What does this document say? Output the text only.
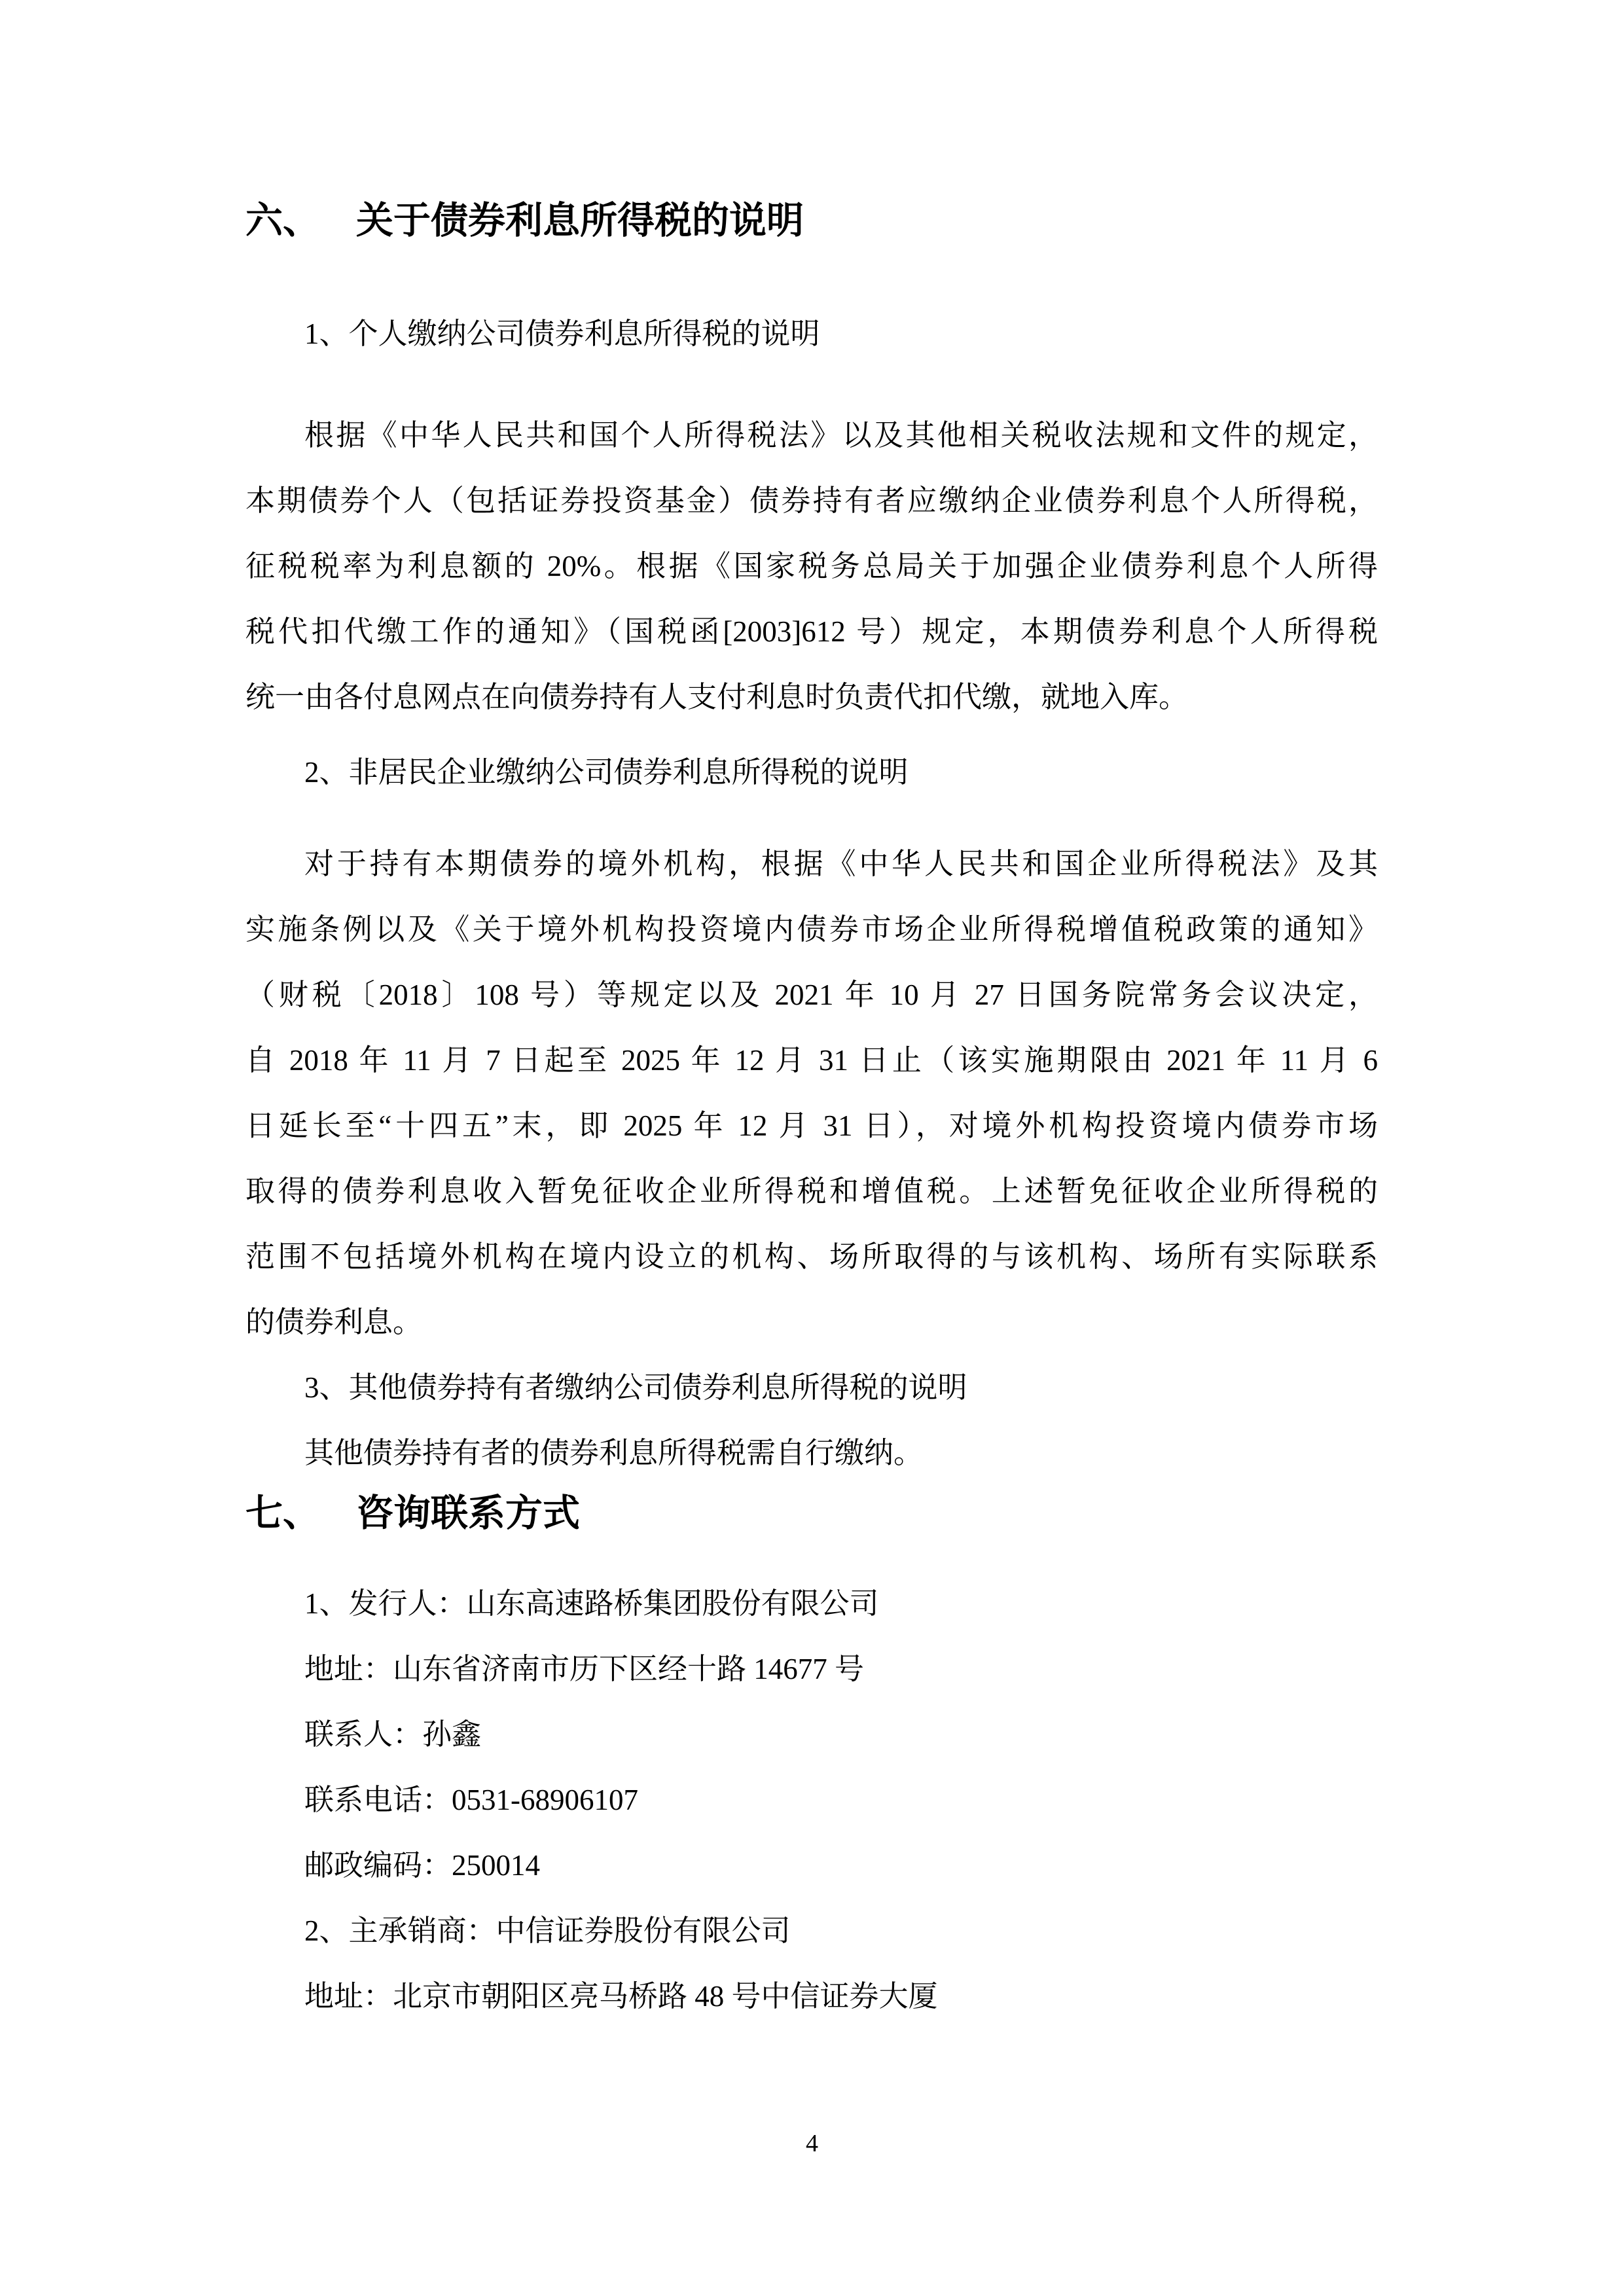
六、 关于债券利息所得税的说明
1、个人缴纳公司债券利息所得税的说明
根据《中华人民共和国个人所得税法》以及其他相关税收法规和文件的规定，
本期债券个人（包括证券投资基金）债券持有者应缴纳企业债券利息个人所得税，
征税税率为利息额的 20%。根据《国家税务总局关于加强企业债券利息个人所得
税代扣代缴工作的通知》（国税函[2003]612 号）规定，本期债券利息个人所得税
统一由各付息网点在向债券持有人支付利息时负责代扣代缴，就地入库。
2、非居民企业缴纳公司债券利息所得税的说明
对于持有本期债券的境外机构，根据《中华人民共和国企业所得税法》及其
实施条例以及《关于境外机构投资境内债券市场企业所得税增值税政策的通知》
（财税〔2018〕108 号）等规定以及 2021 年 10 月 27 日国务院常务会议决定，
自 2018 年 11 月 7 日起至 2025 年 12 月 31 日止（该实施期限由 2021 年 11 月 6
日延长至“十四五”末，即 2025 年 12 月 31 日），对境外机构投资境内债券市场
取得的债券利息收入暂免征收企业所得税和增值税。上述暂免征收企业所得税的
范围不包括境外机构在境内设立的机构、场所取得的与该机构、场所有实际联系
的债券利息。
3、其他债券持有者缴纳公司债券利息所得税的说明
其他债券持有者的债券利息所得税需自行缴纳。
七、 咨询联系方式
1、发行人：山东高速路桥集团股份有限公司
地址：山东省济南市历下区经十路 14677 号
联系人：孙鑫
联系电话：0531-68906107
邮政编码：250014
2、主承销商：中信证券股份有限公司
地址：北京市朝阳区亮马桥路 48 号中信证券大厦
4
